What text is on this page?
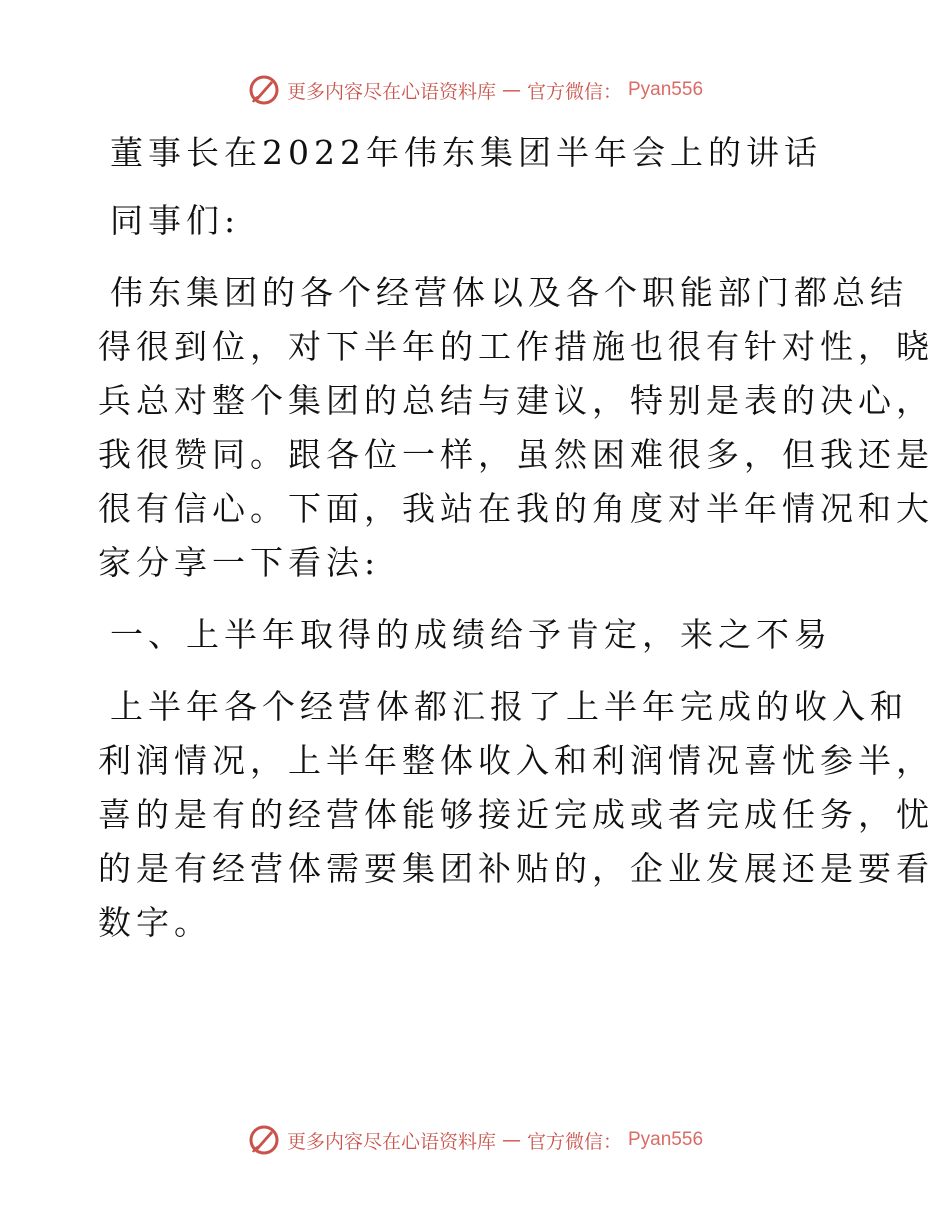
更多内容尽在心语资料库 — 官方微信： Pyan556
董事长在2022年伟东集团半年会上的讲话
同事们:
伟东集团的各个经营体以及各个职能部门都总结
得很到位，对下半年的工作措施也很有针对性，晓
兵总对整个集团的总结与建议，特别是表的决心，
我很赞同。跟各位一样，虽然困难很多，但我还是
很有信心。下面，我站在我的角度对半年情况和大
家分享一下看法:
一、上半年取得的成绩给予肯定，来之不易
上半年各个经营体都汇报了上半年完成的收入和
利润情况，上半年整体收入和利润情况喜忧参半，
喜的是有的经营体能够接近完成或者完成任务，忧
的是有经营体需要集团补贴的，企业发展还是要看
数字。
更多内容尽在心语资料库 — 官方微信： Pyan556
